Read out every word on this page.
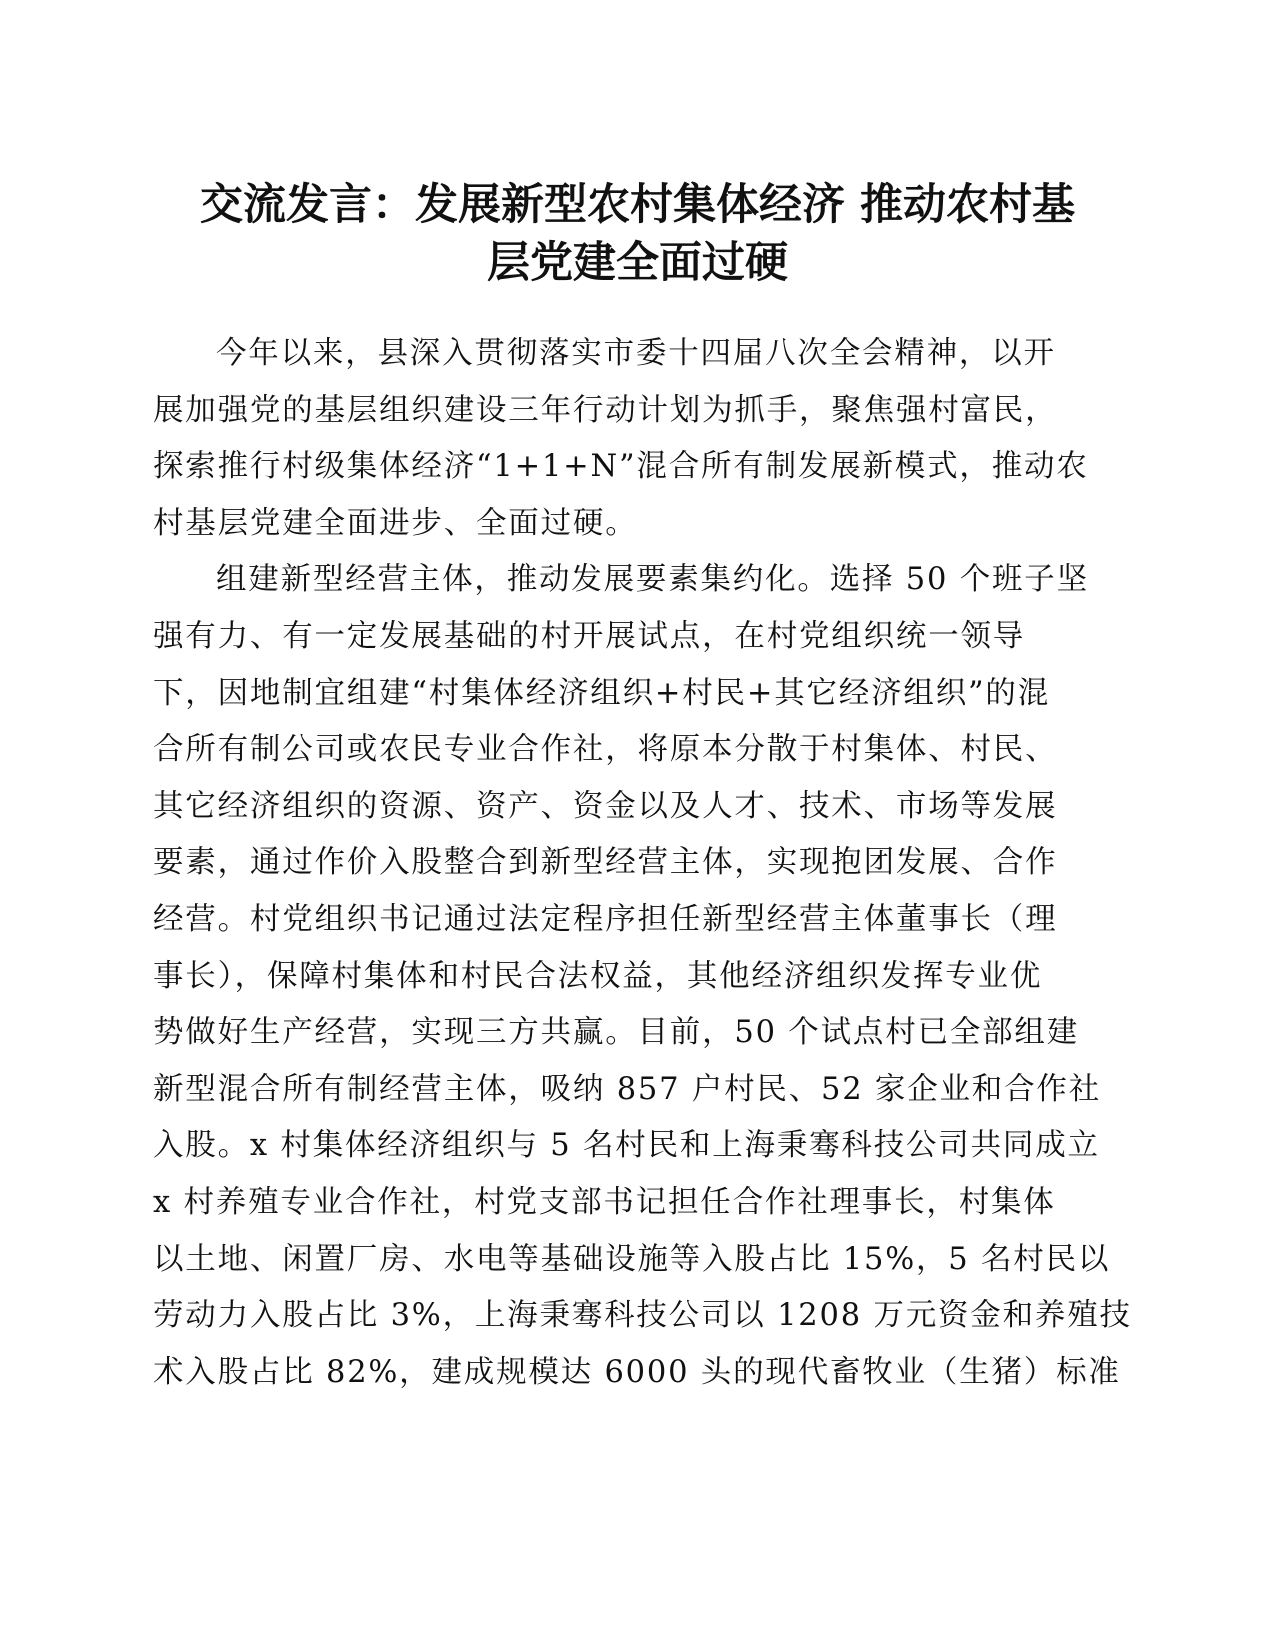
交流发言：发展新型农村集体经济 推动农村基
层党建全面过硬

今年以来，县深入贯彻落实市委十四届八次全会精神，以开
展加强党的基层组织建设三年行动计划为抓手，聚焦强村富民，
探索推行村级集体经济“1+1+N”混合所有制发展新模式，推动农
村基层党建全面进步、全面过硬。

组建新型经营主体，推动发展要素集约化。选择 50 个班子坚
强有力、有一定发展基础的村开展试点，在村党组织统一领导
下，因地制宜组建“村集体经济组织+村民+其它经济组织”的混
合所有制公司或农民专业合作社，将原本分散于村集体、村民、
其它经济组织的资源、资产、资金以及人才、技术、市场等发展
要素，通过作价入股整合到新型经营主体，实现抱团发展、合作
经营。村党组织书记通过法定程序担任新型经营主体董事长（理
事长），保障村集体和村民合法权益，其他经济组织发挥专业优
势做好生产经营，实现三方共赢。目前，50 个试点村已全部组建
新型混合所有制经营主体，吸纳 857 户村民、52 家企业和合作社
入股。x 村集体经济组织与 5 名村民和上海秉骞科技公司共同成立
x 村养殖专业合作社，村党支部书记担任合作社理事长，村集体
以土地、闲置厂房、水电等基础设施等入股占比 15%，5 名村民以
劳动力入股占比 3%，上海秉骞科技公司以 1208 万元资金和养殖技
术入股占比 82%，建成规模达 6000 头的现代畜牧业（生猪）标准
